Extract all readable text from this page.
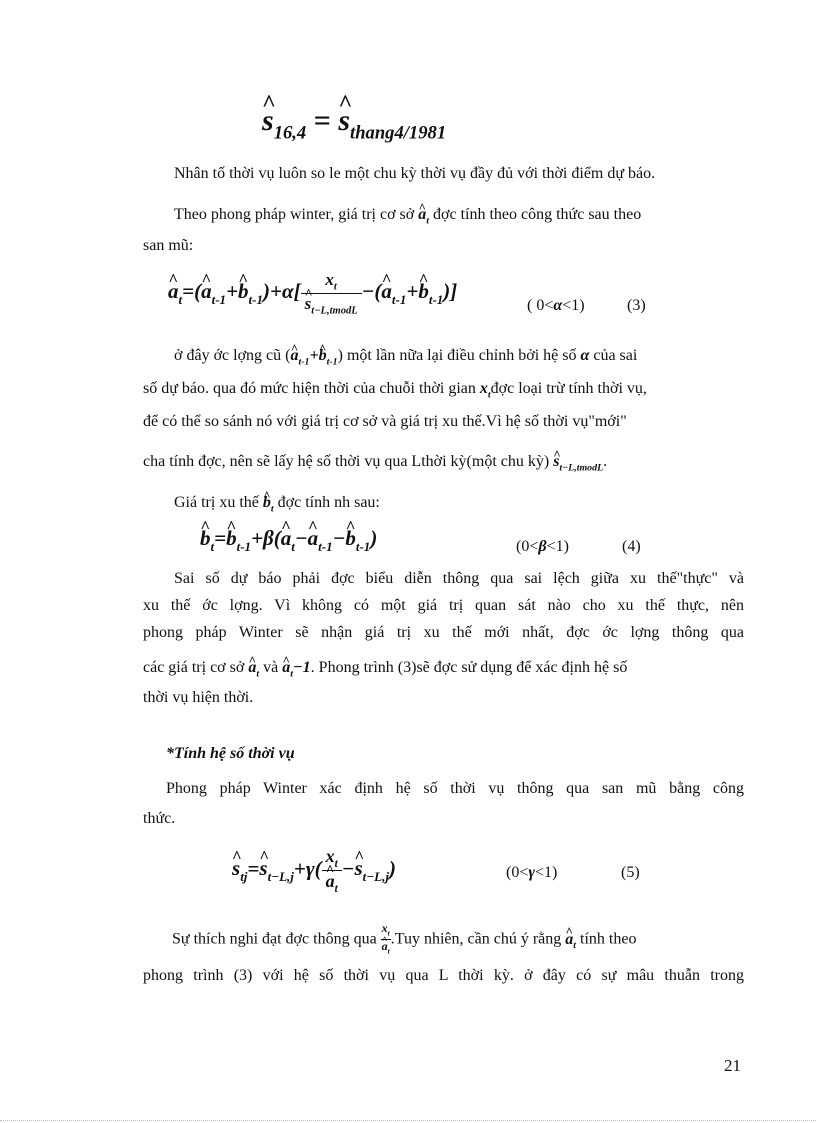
^ $s_{16,4}$ = ^ $s_{thang4/1981}$
Nhân tố thời vụ luôn so le một chu kỳ thời vụ đầy đủ với thời điểm dự báo.
Theo phong pháp winter, giá trị cơ sở ^ $a_t$ đợc tính theo công thức sau theo
san mũ:
^ $a_t=(\^{}$ $a_{t-1}+\^{}$ $b_{t-1})+\alpha$[ $x_t$
^ $s_{t-L,tmodL}$ −(^ $a_{t-1}+\^{}$ $b_{t-1}$)]
( 0<α<1)	(3)
ở đây ớc lợng cũ (^ $a_{t-1}+\^{}$ $b_{t-1}$) một lần nữa lại điều chỉnh bởi hệ số α của sai
số dự báo. qua đó mức hiện thời của chuỗi thời gian $x_tđợc$ loại trừ tính thời vụ,
để có thể so sánh nó với giá trị cơ sở và giá trị xu thế.Vì hệ số thời vụ"mới"
cha tính đợc, nên sẽ lấy hệ số thời vụ qua Lthời kỳ(một chu kỳ) ^ $s_{t-L,tmodL}$.
Giá trị xu thế ^ $b_t$ đợc tính nh sau:
^ $b_t=\^{}$ $b_{t-1}+\beta(\^{}$ $a_t-\^{}$ $a_{t-1}-\^{}$ $b_{t-1}$)	(0<β<1)	(4)
Sai số dự báo phải đợc biểu diễn thông qua sai lệch giữa xu thế"thực" và
xu thế ớc lợng. Vì không có một giá trị quan sát nào cho xu thế thực, nên
phong pháp Winter sẽ nhận giá trị xu thế mới nhất, đợc ớc lợng thông qua
các giá trị cơ sở ^ $a_t$ và ^ $a_t-1$. Phong trình (3)sẽ đợc sử dụng để xác định hệ số
thời vụ hiện thời.
*Tính hệ số thời vụ
Phong pháp Winter xác định hệ số thời vụ thông qua san mũ bằng công
thức.
^ $s_{tj}=\^{}$ $s_{t-L,j}+\gamma$( $x_t$
^ $a_t$ −^ $s_{t-L,j}$)	(0<γ<1)	(5)
Sự thích nghi đạt đợc thông qua $x_t$
^ $a_t$ .Tuy nhiên, cần chú ý rằng ^ $a_t$ tính theo
phong trình (3) với hệ số thời vụ qua L thời kỳ. ở đây có sự mâu thuẫn trong
21
